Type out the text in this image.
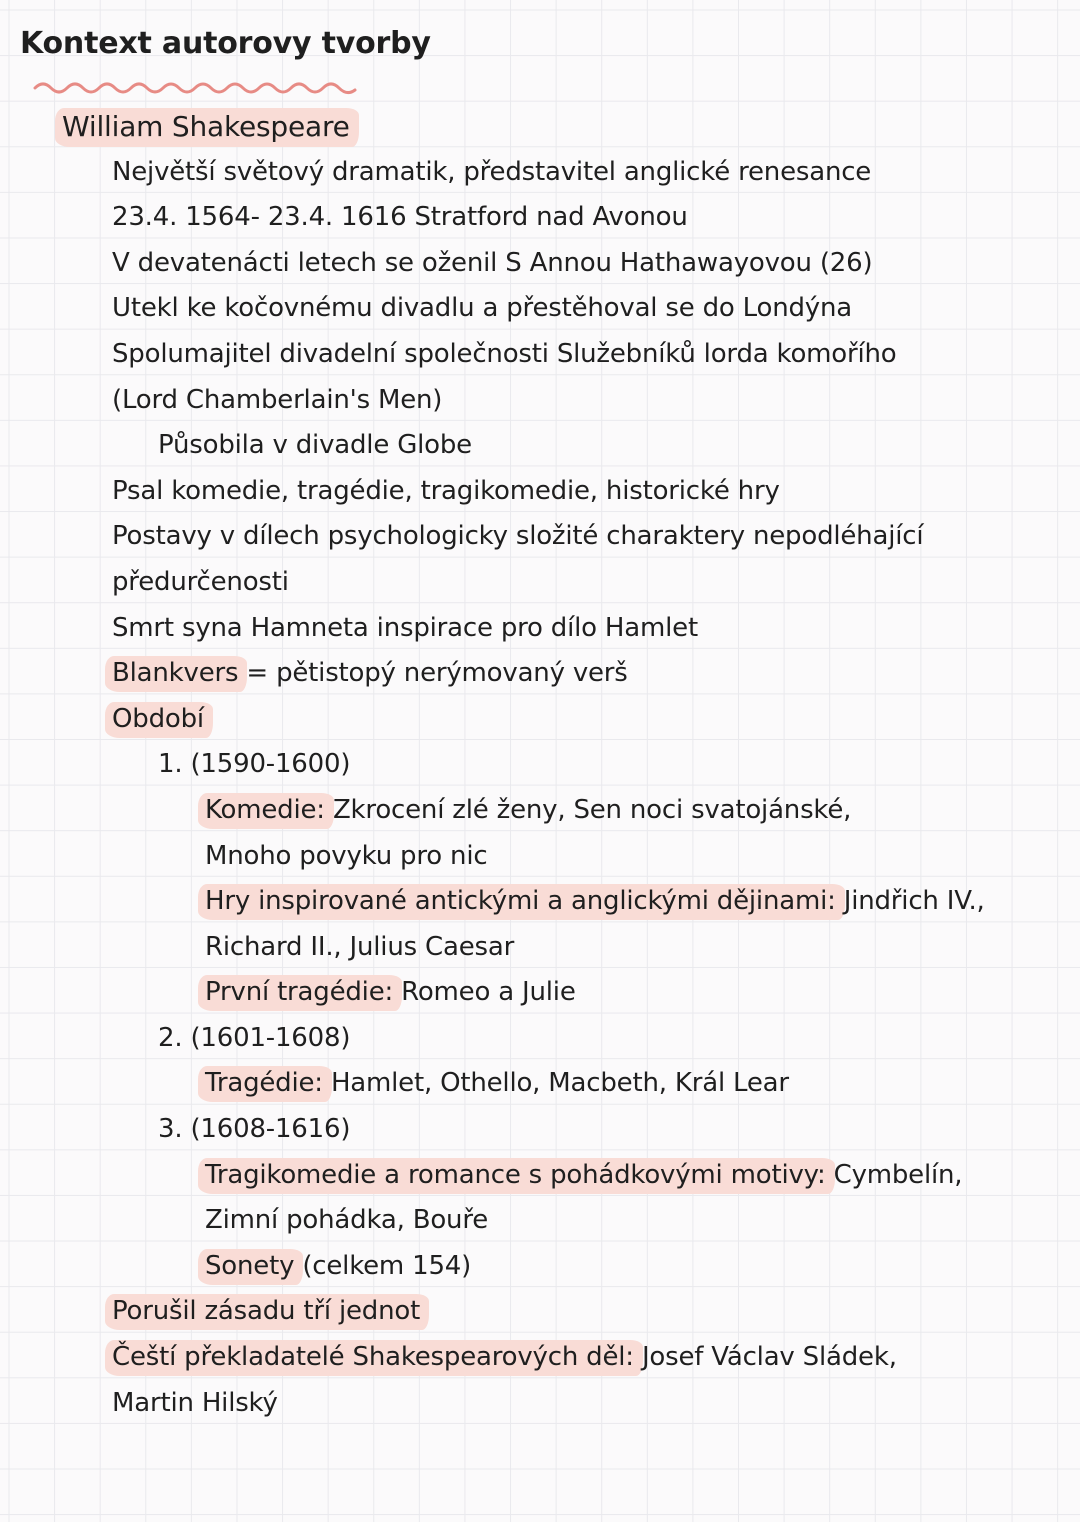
Kontext autorovy tvorby
William Shakespeare
Největší světový dramatik, představitel anglické renesance
23.4. 1564- 23.4. 1616 Stratford nad Avonou
V devatenácti letech se oženil S Annou Hathawayovou (26)
Utekl ke kočovnému divadlu a přestěhoval se do Londýna
Spolumajitel divadelní společnosti Služebníků lorda komořího
(Lord Chamberlain's Men)
Působila v divadle Globe
Psal komedie, tragédie, tragikomedie, historické hry
Postavy v dílech psychologicky složité charaktery nepodléhající
předurčenosti
Smrt syna Hamneta inspirace pro dílo Hamlet
Blankvers = pětistopý nerýmovaný verš
Období
1. (1590-1600)
Komedie: Zkrocení zlé ženy, Sen noci svatojánské,
Mnoho povyku pro nic
Hry inspirované antickými a anglickými dějinami: Jindřich IV.,
Richard II., Julius Caesar
První tragédie: Romeo a Julie
2. (1601-1608)
Tragédie: Hamlet, Othello, Macbeth, Král Lear
3. (1608-1616)
Tragikomedie a romance s pohádkovými motivy: Cymbelín,
Zimní pohádka, Bouře
Sonety (celkem 154)
Porušil zásadu tří jednot
Čeští překladatelé Shakespearových děl: Josef Václav Sládek,
Martin Hilský
